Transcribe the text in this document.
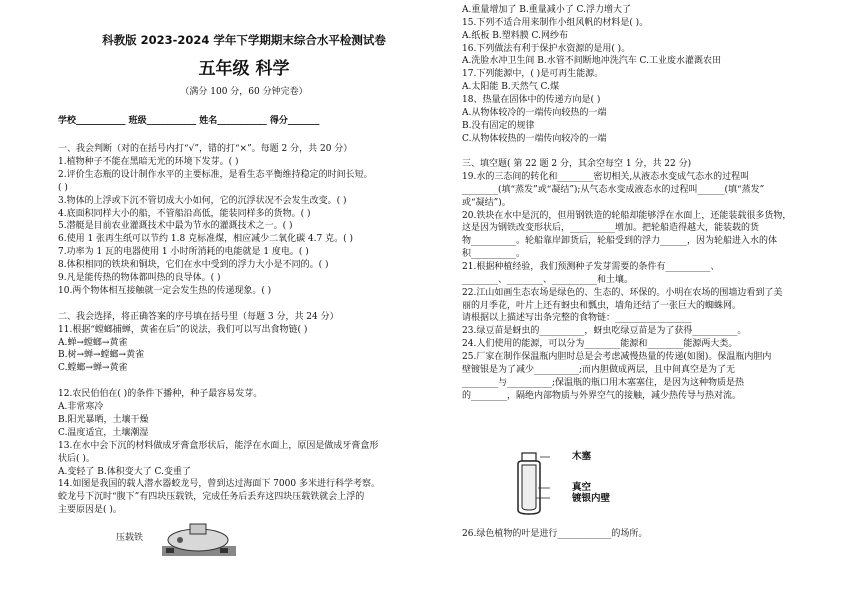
科教版 2023-2024 学年下学期期末综合水平检测试卷
五年级 科学
（满分 100 分，60 分钟完卷）
学校___________ 班级___________ 姓名___________ 得分_______
一、我会判断（对的在括号内打“√”，错的打“×”。每题 2 分，共 20 分）
1.植物种子不能在黑暗无光的环境下发芽。( )
2.评价生态瓶的设计制作水平的主要标准，是看生态平衡维持稳定的时间长短。
( )
3.物体的上浮或下沉不管切成大小如何，它的沉浮状况不会发生改变。( )
4.底面积同样大小的船，不管船沿高低，能装同样多的货物。( )
5.潜艇是目前农业灌溉技术中最为节水的灌溉技术之一。( )
6.使用 1 张再生纸可以节约 1.8 克标准煤，相应减少二氧化碳 4.7 克。( )
7.功率为 1 瓦的电器使用 1 小时所消耗的电能就是 1 度电。( )
8.体积相同的铁块和铜块，它们在水中受到的浮力大小是不同的。( )
9.凡是能传热的物体都叫热的良导体。( )
10.两个物体相互接触就一定会发生热的传递现象。( )
二、我会选择，将正确答案的序号填在括号里（每题 3 分，共 24 分）
11.根据“螳螂捕蝉，黄雀在后”的说法，我们可以写出食物链( )
A.蝉→螳螂→黄雀
B.树→蝉→螳螂→黄雀
C.螳螂→蝉→黄雀
12.农民伯伯在( )的条件下播种，种子最容易发芽。
A.非常寒冷
B.阳光暴晒，土壤干燥
C.温度适宜，土壤潮湿
13.在水中会下沉的材料做成牙膏盒形状后，能浮在水面上，原因是做成牙膏盒形
状后( )。
A.变轻了 B.体积变大了 C.变重了
14.如图是我国的载人潜水器蛟龙号，曾到达过海面下 7000 多米进行科学考察。
蛟龙号下沉时“腹下”有四块压载铁，完成任务后丢弃这四块压载铁就会上浮的
主要原因是( )。
压载铁
A.重量增加了 B.重量减小了 C.浮力增大了
15.下列不适合用来制作小组风帆的材料是( )。
A.纸板 B.塑料膜 C.网纱布
16.下列做法有利于保护水资源的是用( )。
A.洗脸水冲卫生间 B.水管不间断地冲洗汽车 C.工业废水灌溉农田
17.下列能源中，( )是可再生能源。
A.太阳能 B.天然气 C.煤
18、热量在固体中的传递方向是( )
A.从物体较冷的一端传向较热的一端
B.没有固定的规律
C.从物体较热的一端传向较冷的一端
三、填空题( 第 22 题 2 分，其余空每空 1 分，共 22 分)
19.水的三态间的转化和________密切相关,从液态水变成气态水的过程叫
________(填“蒸发”或“凝结”);从气态水变成液态水的过程叫______(填“蒸发”
或“凝结”)。
20.铁块在水中是沉的，但用钢铁造的轮船却能够浮在水面上，还能装载很多货物，
这是因为钢铁改变形状后，__________增加。把轮船造得越大，能装载的货
物__________。轮船靠岸卸货后，轮船受到的浮力______，因为轮船进入水的体
积__________。
21.根据种植经验，我们预测种子发芽需要的条件有__________、
________、________、__________和土壤。
22.江山如画生态农场是绿色的、生态的、环保的。小明在农场的围墙边看到了美
丽的月季花，叶片上还有蚜虫和瓢虫，墙角还结了一张巨大的蜘蛛网。
请根据以上描述写出条完整的食物链：_________________
23.绿豆苗是蚜虫的__________，蚜虫吃绿豆苗是为了获得__________。
24.人们使用的能源，可以分为________能源和________能源两大类。
25.厂家在制作保温瓶内胆时总是会考虑减慢热量的传递(如图)。保温瓶内胆内
壁镀银是为了减少__________;而内胆做成两层，且中间真空是为了无
________与__________;保温瓶的瓶口用木塞塞住，是因为这种物质是热
的________，隔绝内部物质与外界空气的接触，减少热传导与热对流。
木塞
真空
镀银内壁
26.绿色植物的叶是进行____________的场所。
